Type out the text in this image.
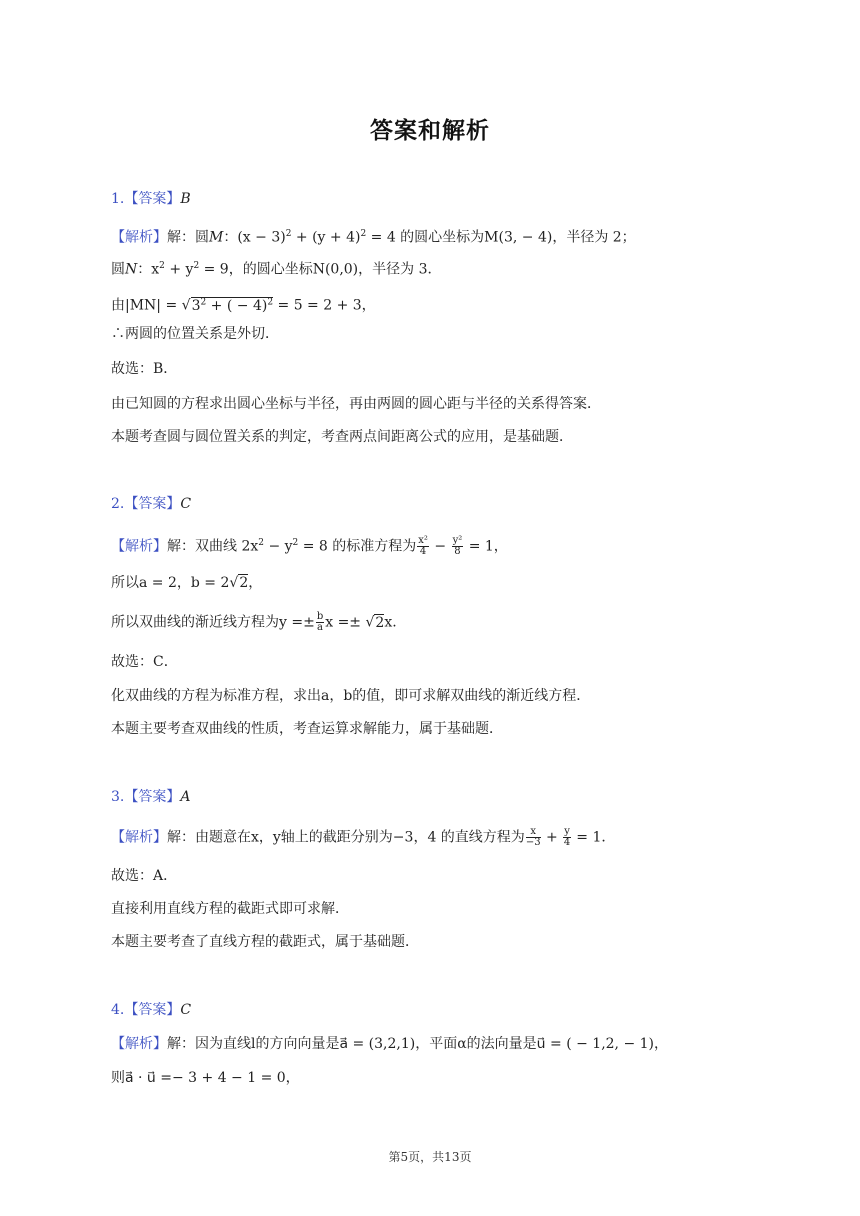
答案和解析
1.【答案】B
【解析】解：圆M：$(x - 3)^2 + (y + 4)^2 = 4$ 的圆心坐标为M(3, − 4)，半径为 2；
圆N：$x^2 + y^2 = 9$，的圆心坐标N(0,0)，半径为 3．
由$|MN| = √3^2$ + ( − 4)$^2$ = 5 = 2 + 3，
∴两圆的位置关系是外切．
故选：B．
由已知圆的方程求出圆心坐标与半径，再由两圆的圆心距与半径的关系得答案．
本题考查圆与圆位置关系的判定，考查两点间距离公式的应用，是基础题．
2.【答案】C
【解析】解：双曲线 $2x^2 - y^2 = 8$ 的标准方程为 $\frac{\text{x²}}{4} - \frac{\text{y²}}{8} = 1$，
所以a = 2，b = 2√2，
所以双曲线的渐近线方程为$y =\pm \frac{b}{a}$ x =± √2x.
故选：C．
化双曲线的方程为标准方程，求出a，b的值，即可求解双曲线的渐近线方程．
本题主要考查双曲线的性质，考查运算求解能力，属于基础题．
3.【答案】A
【解析】解：由题意在x，y轴上的截距分别为−3，4 的直线方程为 $\frac{x}{-3} + \frac{y}{4} = 1$．
故选：A．
直接利用直线方程的截距式即可求解．
本题主要考查了直线方程的截距式，属于基础题．
4.【答案】C
【解析】解：因为直线l的方向向量是a⃗ = (3,2,1)，平面α的法向量是u⃗ = ( − 1,2, − 1)，
则a⃗ · u⃗ =− 3 + 4 − 1 = 0，
第5页，共13页
